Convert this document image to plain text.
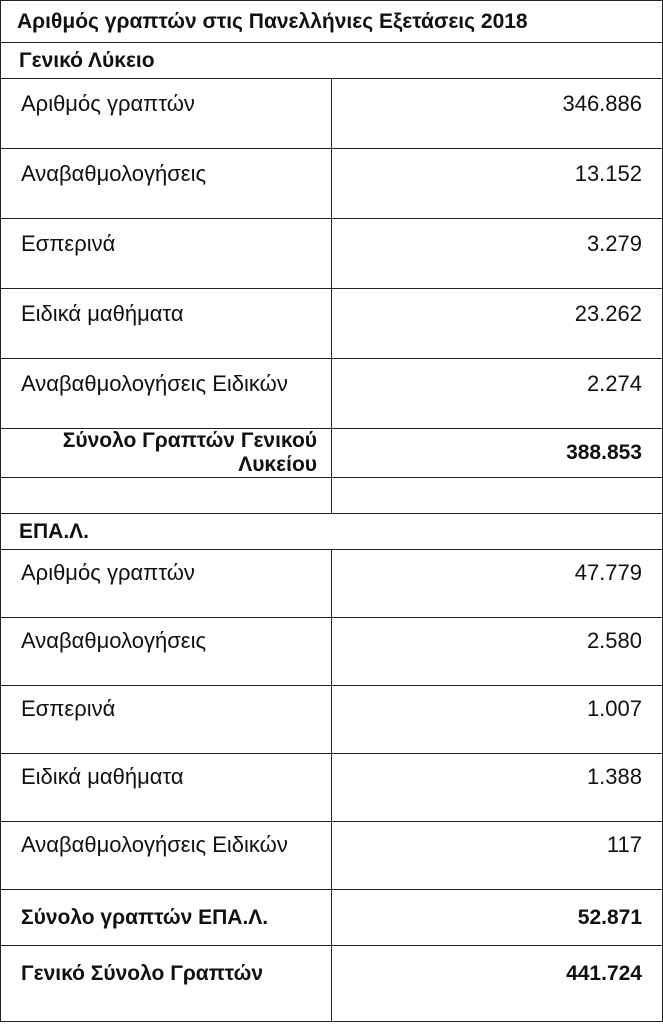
Αριθμός γραπτών στις Πανελλήνιες Εξετάσεις 2018	
Γενικό Λύκειο	
Αριθμός γραπτών	346.886
Αναβαθμολογήσεις	13.152
Εσπερινά	3.279
Ειδικά μαθήματα	23.262
Αναβαθμολογήσεις Ειδικών	2.274
Σύνολο Γραπτών Γενικού Λυκείου	388.853

ΕΠΑ.Λ.	
Αριθμός γραπτών	47.779
Αναβαθμολογήσεις	2.580
Εσπερινά	1.007
Ειδικά μαθήματα	1.388
Αναβαθμολογήσεις Ειδικών	117
Σύνολο γραπτών ΕΠΑ.Λ.	52.871
Γενικό Σύνολο Γραπτών	441.724
